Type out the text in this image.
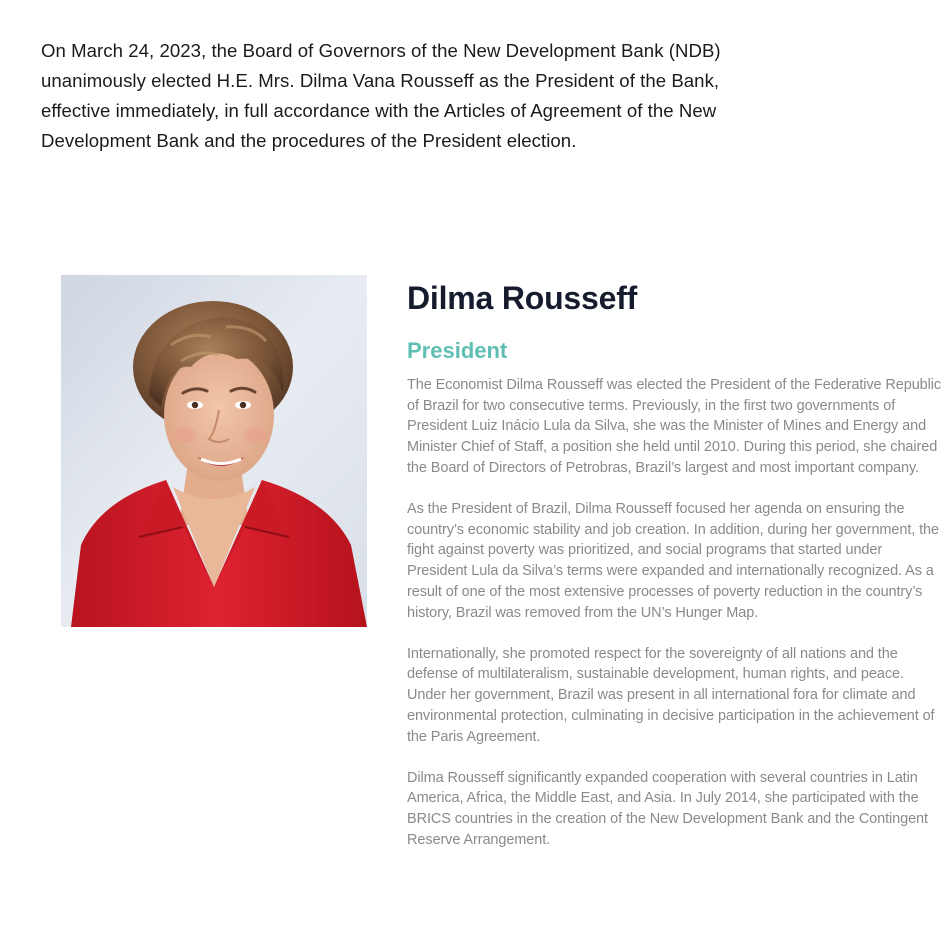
On March 24, 2023, the Board of Governors of the New Development Bank (NDB) unanimously elected H.E. Mrs. Dilma Vana Rousseff as the President of the Bank, effective immediately, in full accordance with the Articles of Agreement of the New Development Bank and the procedures of the President election.

Dilma Rousseff
President

The Economist Dilma Rousseff was elected the President of the Federative Republic of Brazil for two consecutive terms. Previously, in the first two governments of President Luiz Inácio Lula da Silva, she was the Minister of Mines and Energy and Minister Chief of Staff, a position she held until 2010. During this period, she chaired the Board of Directors of Petrobras, Brazil’s largest and most important company.

As the President of Brazil, Dilma Rousseff focused her agenda on ensuring the country’s economic stability and job creation. In addition, during her government, the fight against poverty was prioritized, and social programs that started under President Lula da Silva’s terms were expanded and internationally recognized. As a result of one of the most extensive processes of poverty reduction in the country’s history, Brazil was removed from the UN’s Hunger Map.

Internationally, she promoted respect for the sovereignty of all nations and the defense of multilateralism, sustainable development, human rights, and peace. Under her government, Brazil was present in all international fora for climate and environmental protection, culminating in decisive participation in the achievement of the Paris Agreement.

Dilma Rousseff significantly expanded cooperation with several countries in Latin America, Africa, the Middle East, and Asia. In July 2014, she participated with the BRICS countries in the creation of the New Development Bank and the Contingent Reserve Arrangement.
